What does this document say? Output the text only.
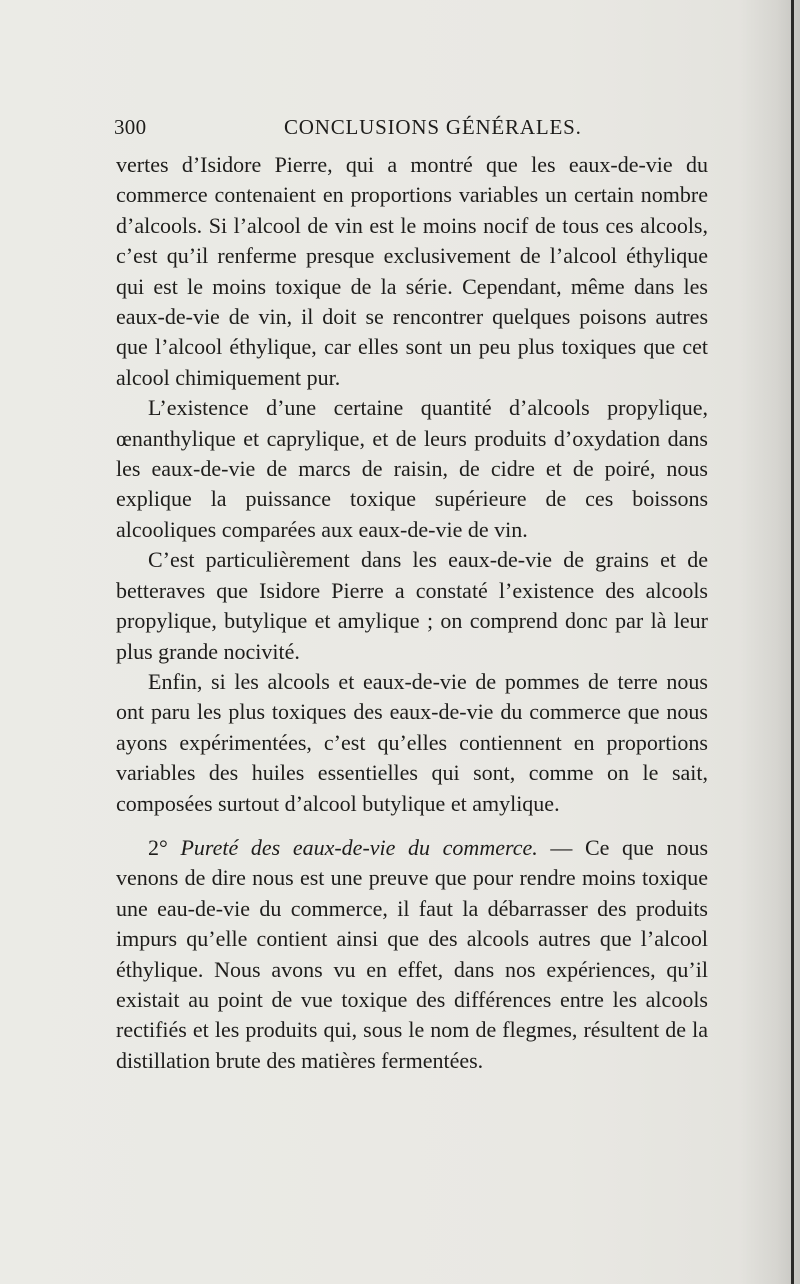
300	CONCLUSIONS GÉNÉRALES.

vertes d’Isidore Pierre, qui a montré que les eaux-de-vie du commerce contenaient en proportions variables un certain nombre d’alcools. Si l’alcool de vin est le moins nocif de tous ces alcools, c’est qu’il renferme presque exclusivement de l’alcool éthylique qui est le moins toxique de la série. Cependant, même dans les eaux-de-vie de vin, il doit se rencontrer quelques poisons autres que l’alcool éthylique, car elles sont un peu plus toxiques que cet alcool chimiquement pur.

L’existence d’une certaine quantité d’alcools propylique, œnanthylique et caprylique, et de leurs produits d’oxydation dans les eaux-de-vie de marcs de raisin, de cidre et de poiré, nous explique la puissance toxique supérieure de ces boissons alcooliques comparées aux eaux-de-vie de vin.

C’est particulièrement dans les eaux-de-vie de grains et de betteraves que Isidore Pierre a constaté l’existence des alcools propylique, butylique et amylique ; on comprend donc par là leur plus grande nocivité.

Enfin, si les alcools et eaux-de-vie de pommes de terre nous ont paru les plus toxiques des eaux-de-vie du commerce que nous ayons expérimentées, c’est qu’elles contiennent en proportions variables des huiles essentielles qui sont, comme on le sait, composées surtout d’alcool butylique et amylique.

2° Pureté des eaux-de-vie du commerce. — Ce que nous venons de dire nous est une preuve que pour rendre moins toxique une eau-de-vie du commerce, il faut la débarrasser des produits impurs qu’elle contient ainsi que des alcools autres que l’alcool éthylique. Nous avons vu en effet, dans nos expériences, qu’il existait au point de vue toxique des différences entre les alcools rectifiés et les produits qui, sous le nom de flegmes, résultent de la distillation brute des matières fermentées.
